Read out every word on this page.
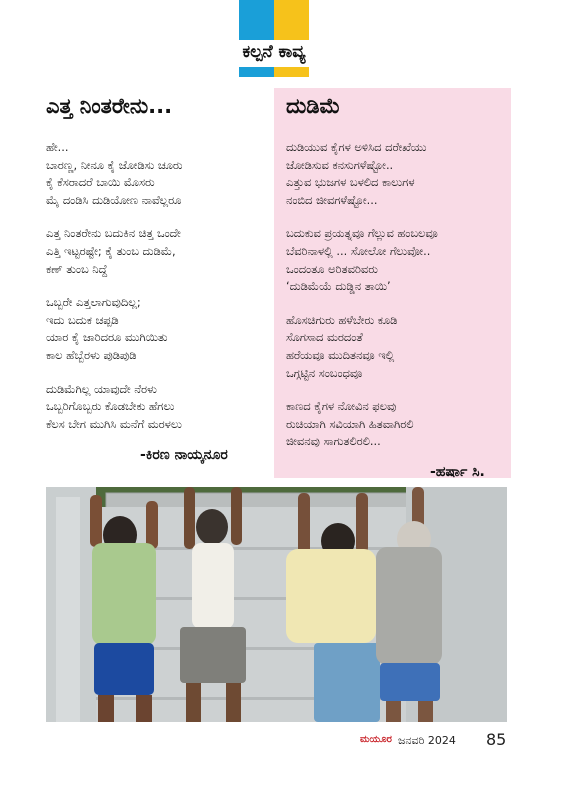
ಕಲ್ಪನೆ ಕಾವ್ಯ
ಎತ್ತ ನಿಂತರೇನು...
ಹೇ...
ಬಾರಣ್ಣ, ನೀನೂ ಕೈ ಜೋಡಿಸು ಚೂರು
ಕೈ ಕೆಸರಾದರೆ ಬಾಯಿ ಮೊಸರು
ಮೈ ದಂಡಿಸಿ ದುಡಿಯೋಣ ನಾವೆಲ್ಲರೂ
ಎತ್ತ ನಿಂತರೇನು ಬದುಕಿನ ಚಿತ್ತ ಒಂದೇ
ಎತ್ತಿ ಇಟ್ಟರಷ್ಟೇ; ಕೈ ತುಂಬ ದುಡಿಮೆ,
ಕಣ್ ತುಂಬ ನಿದ್ದೆ
ಒಬ್ಬರೇ ಎತ್ತಲಾಗುವುದಿಲ್ಲ;
ಇದು ಬದುಕ ಚಪ್ಪಡಿ
ಯಾರ ಕೈ ಜಾರಿದರೂ ಮುಗಿಯಿತು
ಕಾಲ ಹೆಬ್ಬೆರಳು ಪುಡಿಪುಡಿ
ದುಡಿಮೆಗಿಲ್ಲ ಯಾವುದೇ ನೆರಳು
ಒಬ್ಬರಿಗೊಬ್ಬರು ಕೊಡಬೇಕು ಹೆಗಲು
ಕೆಲಸ ಬೇಗ ಮುಗಿಸಿ ಮನೆಗೆ ಮರಳಲು
-ಕಿರಣ ನಾಯ್ಕನೂರ
ದುಡಿಮೆ
ದುಡಿಯುವ ಕೈಗಳ ಅಳಿಸಿದ ದರೇಖೆಯು
ಜೋಡಿಸುವ ಕನಸುಗಳೆಷ್ಟೋ..
ಎತ್ತುವ ಭುಜಗಳ ಬಳಲಿದ ಕಾಲುಗಳ
ನಂಬಿದ ಜೀವಗಳೆಷ್ಟೋ...
ಬದುಕುವ ಪ್ರಯತ್ನವೂ ಗೆಲ್ಲುವ ಹಂಬಲವೂ
ಬೆವರಿನಾಳಲ್ಲಿ ... ಸೋಲೋ ಗೆಲುವೋ..
ಒಂದಂತೂ ಅರಿತವರಿವರು
‘ದುಡಿಮೆಯೆ ದುಡ್ಡಿನ ತಾಯಿ’
ಹೊಸಚಿಗುರು ಹಳೆಬೇರು ಕೂಡಿ
ಸೊಗಸಾದ ಮರದಂತೆ
ಹರೆಯವೂ ಮುದಿತನವೂ ಇಲ್ಲಿ
ಒಗ್ಗಟ್ಟಿನ ಸಂಬಂಧವೂ
ಕಾಣದ ಕೈಗಳ ನೋವಿನ ಫಲವು
ರುಚಿಯಾಗಿ ಸವಿಯಾಗಿ ಹಿತವಾಗಿರಲಿ
ಜೀವನವು ಸಾಗುತಲಿರಲಿ...
-ಹರ್ಷಾ ಸಿ.
ಮಯೂರ ಜನವರಿ 2024 85
